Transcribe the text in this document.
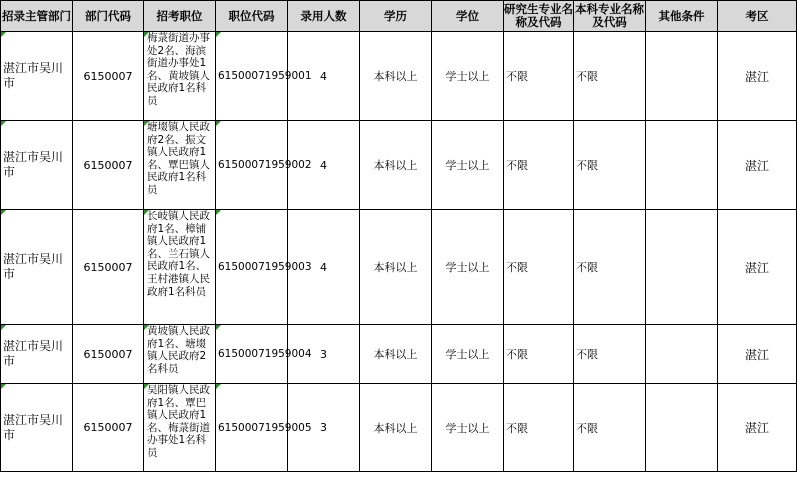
招录主管部门	部门代码	招考职位	职位代码	录用人数	学历	学位	研究生专业名称及代码	本科专业名称及代码	其他条件	考区

湛江市吴川市	6150007	梅菉街道办事处2名、海滨街道办事处1名、黄坡镇人民政府1名科员	61500071959001	4	本科以上	学士以上	不限	不限		湛江

湛江市吴川市	6150007	塘㙍镇人民政府2名、振文镇人民政府1名、覃巴镇人民政府1名科员	61500071959002	4	本科以上	学士以上	不限	不限		湛江

湛江市吴川市	6150007	长岐镇人民政府1名、樟铺镇人民政府1名、兰石镇人民政府1名、王村港镇人民政府1名科员	61500071959003	4	本科以上	学士以上	不限	不限		湛江

湛江市吴川市	6150007	黄坡镇人民政府1名、塘㙍镇人民政府2名科员	61500071959004	3	本科以上	学士以上	不限	不限		湛江

湛江市吴川市	6150007	吴阳镇人民政府1名、覃巴镇人民政府1名、梅菉街道办事处1名科员	61500071959005	3	本科以上	学士以上	不限	不限		湛江
